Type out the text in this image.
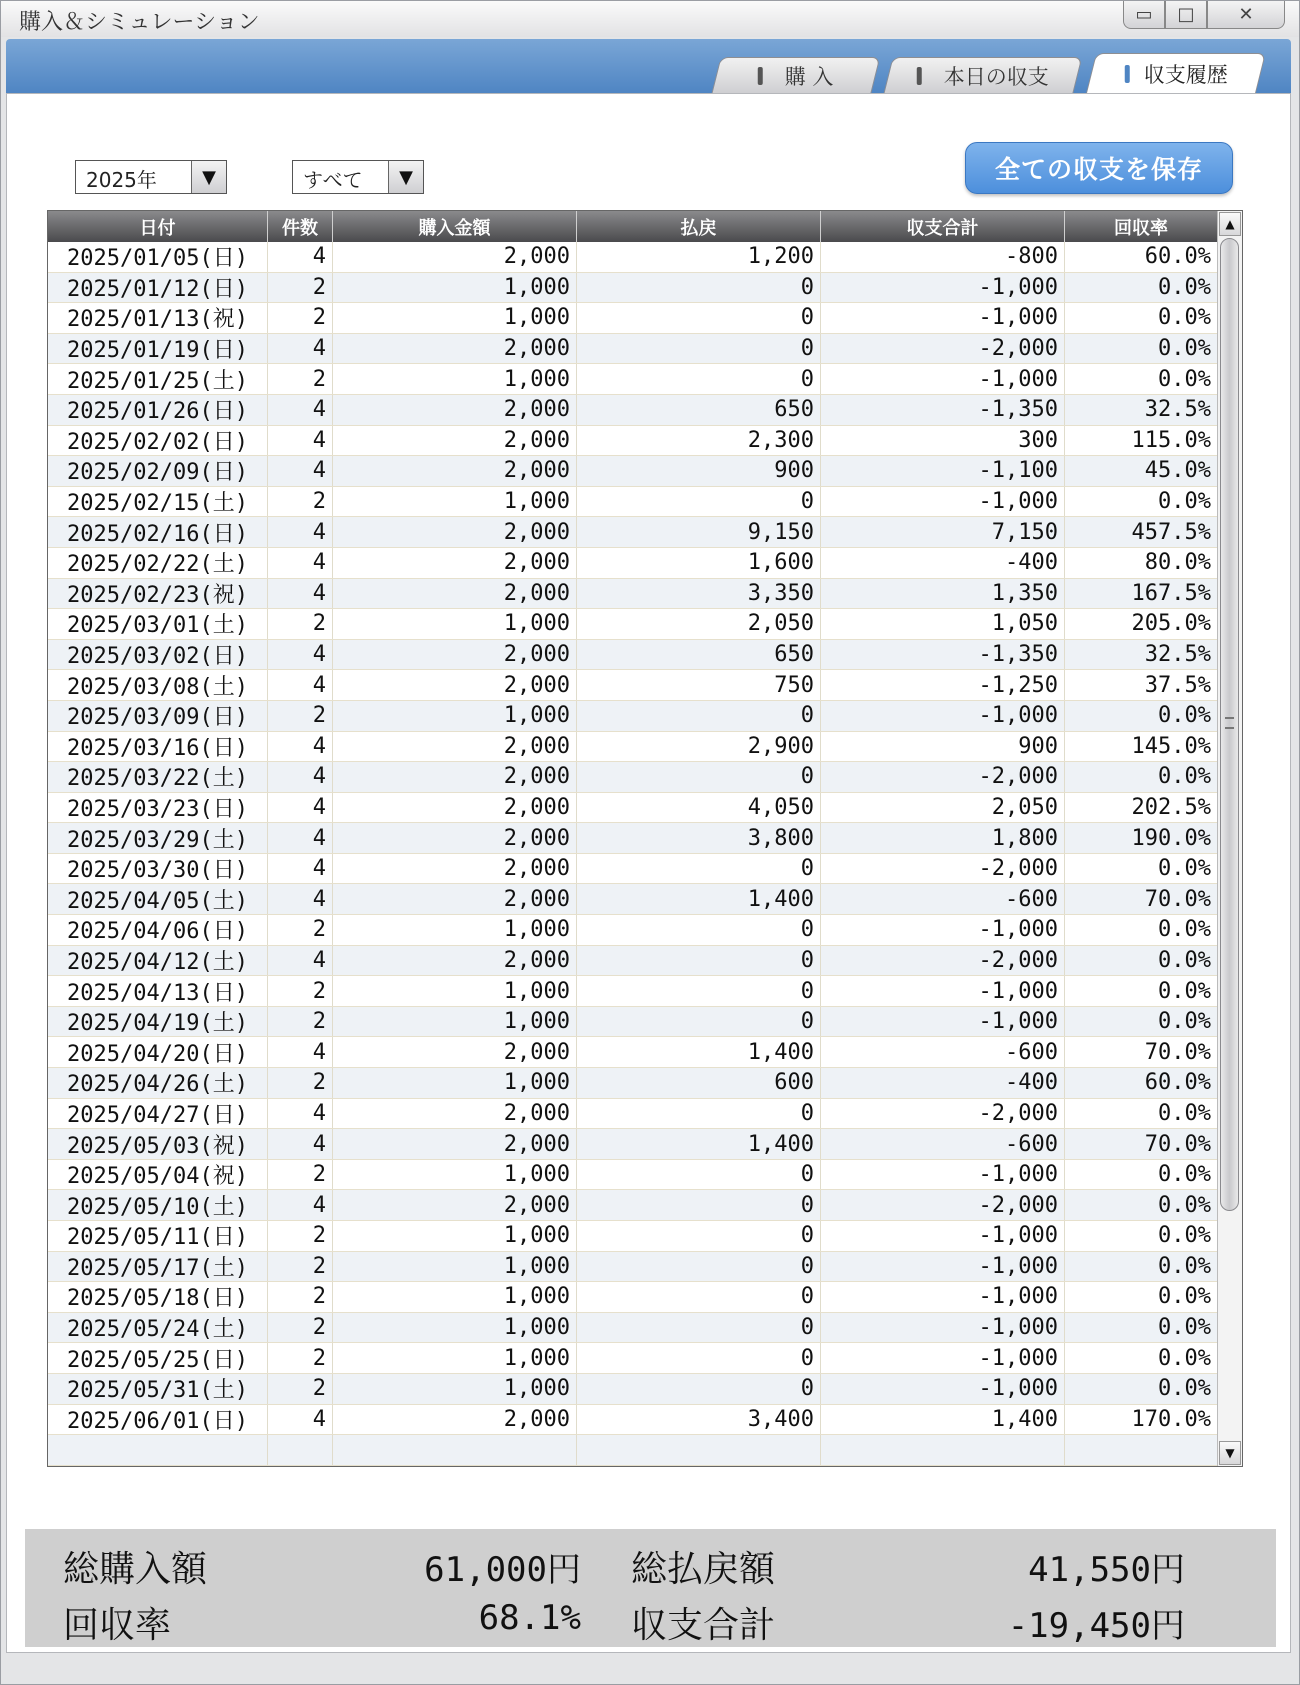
購入＆シミュレーション	▭ □ ✕
購 入	本日の収支	収支履歴
2025年	▼	すべて	▼	全ての収支を保存
日付	件数	購入金額	払戻	収支合計	回収率
2025/01/05(日)	4	2,000	1,200	-800	60.0%
2025/01/12(日)	2	1,000	0	-1,000	0.0%
2025/01/13(祝)	2	1,000	0	-1,000	0.0%
2025/01/19(日)	4	2,000	0	-2,000	0.0%
2025/01/25(土)	2	1,000	0	-1,000	0.0%
2025/01/26(日)	4	2,000	650	-1,350	32.5%
2025/02/02(日)	4	2,000	2,300	300	115.0%
2025/02/09(日)	4	2,000	900	-1,100	45.0%
2025/02/15(土)	2	1,000	0	-1,000	0.0%
2025/02/16(日)	4	2,000	9,150	7,150	457.5%
2025/02/22(土)	4	2,000	1,600	-400	80.0%
2025/02/23(祝)	4	2,000	3,350	1,350	167.5%
2025/03/01(土)	2	1,000	2,050	1,050	205.0%
2025/03/02(日)	4	2,000	650	-1,350	32.5%
2025/03/08(土)	4	2,000	750	-1,250	37.5%
2025/03/09(日)	2	1,000	0	-1,000	0.0%
2025/03/16(日)	4	2,000	2,900	900	145.0%
2025/03/22(土)	4	2,000	0	-2,000	0.0%
2025/03/23(日)	4	2,000	4,050	2,050	202.5%
2025/03/29(土)	4	2,000	3,800	1,800	190.0%
2025/03/30(日)	4	2,000	0	-2,000	0.0%
2025/04/05(土)	4	2,000	1,400	-600	70.0%
2025/04/06(日)	2	1,000	0	-1,000	0.0%
2025/04/12(土)	4	2,000	0	-2,000	0.0%
2025/04/13(日)	2	1,000	0	-1,000	0.0%
2025/04/19(土)	2	1,000	0	-1,000	0.0%
2025/04/20(日)	4	2,000	1,400	-600	70.0%
2025/04/26(土)	2	1,000	600	-400	60.0%
2025/04/27(日)	4	2,000	0	-2,000	0.0%
2025/05/03(祝)	4	2,000	1,400	-600	70.0%
2025/05/04(祝)	2	1,000	0	-1,000	0.0%
2025/05/10(土)	4	2,000	0	-2,000	0.0%
2025/05/11(日)	2	1,000	0	-1,000	0.0%
2025/05/17(土)	2	1,000	0	-1,000	0.0%
2025/05/18(日)	2	1,000	0	-1,000	0.0%
2025/05/24(土)	2	1,000	0	-1,000	0.0%
2025/05/25(日)	2	1,000	0	-1,000	0.0%
2025/05/31(土)	2	1,000	0	-1,000	0.0%
2025/06/01(日)	4	2,000	3,400	1,400	170.0%
▲
▼
総購入額	61,000円 総払戻額	41,550円
回収率	68.1% 収支合計	-19,450円
